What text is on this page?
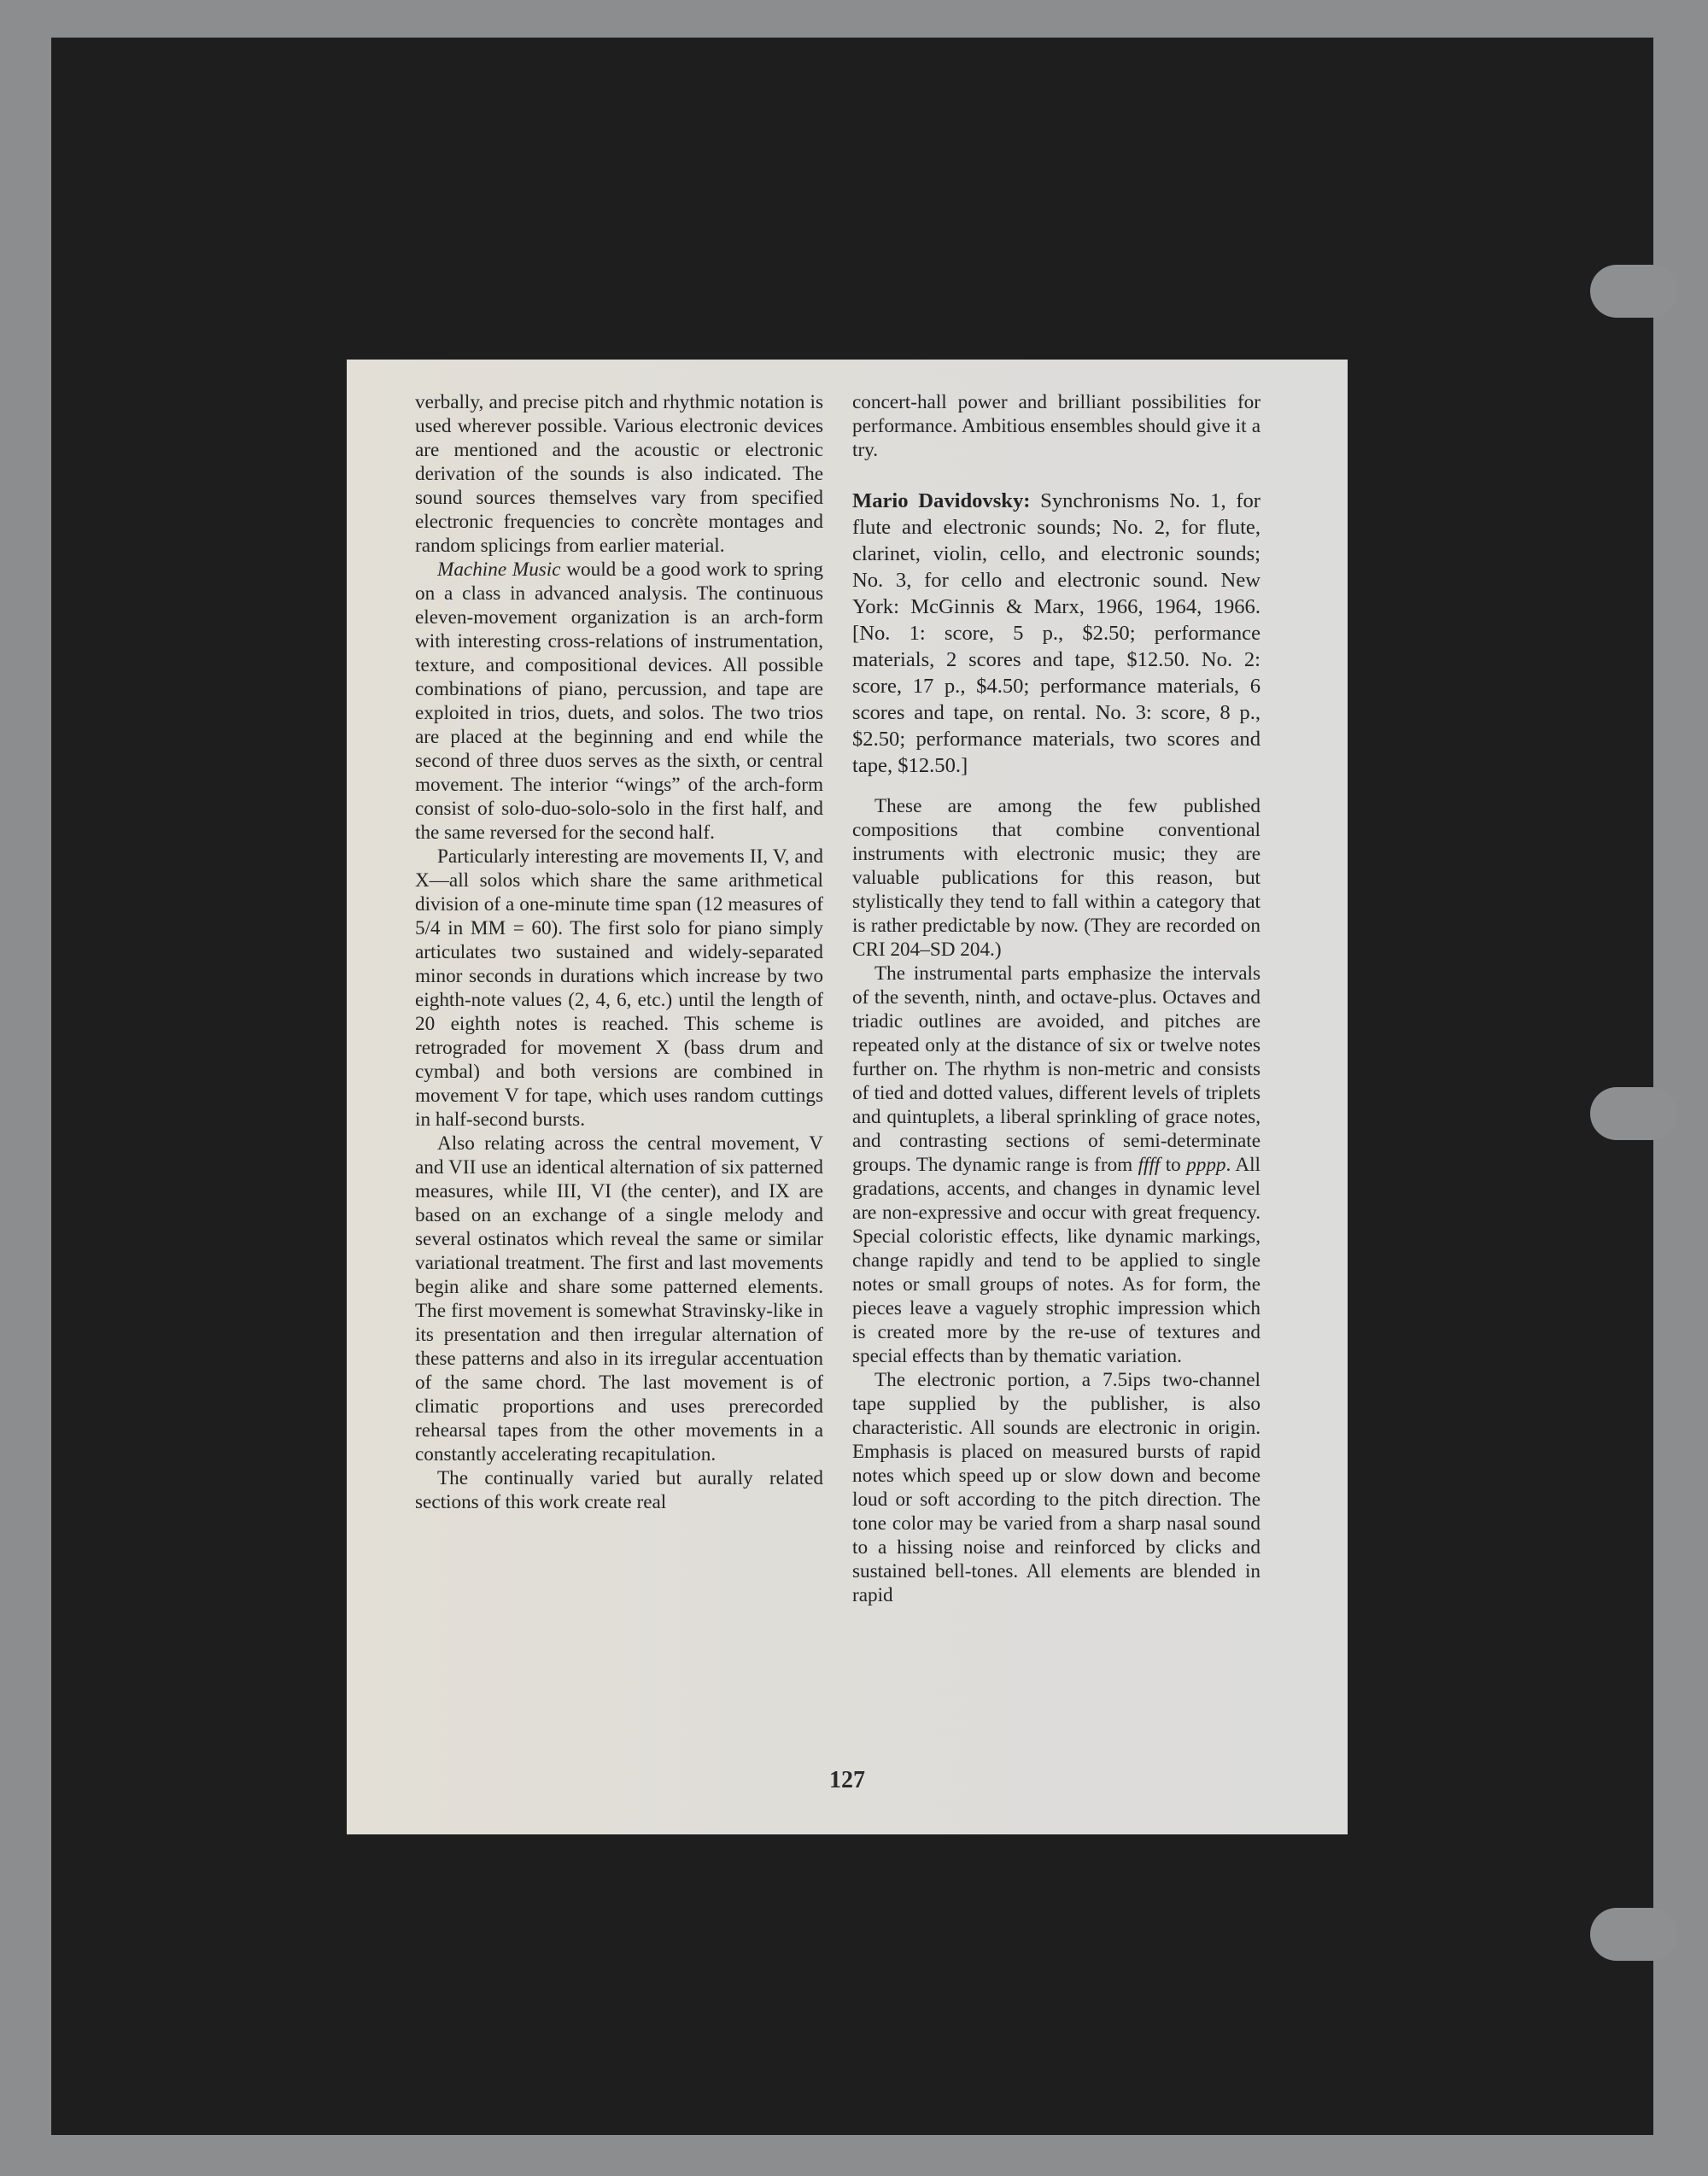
verbally, and precise pitch and rhythmic notation is used wherever possible. Various electronic devices are mentioned and the acoustic or electronic derivation of the sounds is also indicated. The sound sources themselves vary from specified electronic frequencies to concrète montages and random splicings from earlier material.

Machine Music would be a good work to spring on a class in advanced analysis. The continuous eleven-movement organization is an arch-form with interesting cross-relations of instrumentation, texture, and compositional devices. All possible combinations of piano, percussion, and tape are exploited in trios, duets, and solos. The two trios are placed at the beginning and end while the second of three duos serves as the sixth, or central movement. The interior “wings” of the arch-form consist of solo-duo-solo-solo in the first half, and the same reversed for the second half.

Particularly interesting are movements II, V, and X—all solos which share the same arithmetical division of a one-minute time span (12 measures of 5/4 in MM = 60). The first solo for piano simply articulates two sustained and widely-separated minor seconds in durations which increase by two eighth-note values (2, 4, 6, etc.) until the length of 20 eighth notes is reached. This scheme is retrograded for movement X (bass drum and cymbal) and both versions are combined in movement V for tape, which uses random cuttings in half-second bursts.

Also relating across the central movement, V and VII use an identical alternation of six patterned measures, while III, VI (the center), and IX are based on an exchange of a single melody and several ostinatos which reveal the same or similar variational treatment. The first and last movements begin alike and share some patterned elements. The first movement is somewhat Stravinsky-like in its presentation and then irregular alternation of these patterns and also in its irregular accentuation of the same chord. The last movement is of climatic proportions and uses prerecorded rehearsal tapes from the other movements in a constantly accelerating recapitulation.

The continually varied but aurally related sections of this work create real

concert-hall power and brilliant possibilities for performance. Ambitious ensembles should give it a try.

Mario Davidovsky: Synchronisms No. 1, for flute and electronic sounds; No. 2, for flute, clarinet, violin, cello, and electronic sounds; No. 3, for cello and electronic sound. New York: McGinnis & Marx, 1966, 1964, 1966. [No. 1: score, 5 p., $2.50; performance materials, 2 scores and tape, $12.50. No. 2: score, 17 p., $4.50; performance materials, 6 scores and tape, on rental. No. 3: score, 8 p., $2.50; performance materials, two scores and tape, $12.50.]

These are among the few published compositions that combine conventional instruments with electronic music; they are valuable publications for this reason, but stylistically they tend to fall within a category that is rather predictable by now. (They are recorded on CRI 204–SD 204.)

The instrumental parts emphasize the intervals of the seventh, ninth, and octave-plus. Octaves and triadic outlines are avoided, and pitches are repeated only at the distance of six or twelve notes further on. The rhythm is non-metric and consists of tied and dotted values, different levels of triplets and quintuplets, a liberal sprinkling of grace notes, and contrasting sections of semi-determinate groups. The dynamic range is from ffff to pppp. All gradations, accents, and changes in dynamic level are non-expressive and occur with great frequency. Special coloristic effects, like dynamic markings, change rapidly and tend to be applied to single notes or small groups of notes. As for form, the pieces leave a vaguely strophic impression which is created more by the re-use of textures and special effects than by thematic variation.

The electronic portion, a 7.5ips two-channel tape supplied by the publisher, is also characteristic. All sounds are electronic in origin. Emphasis is placed on measured bursts of rapid notes which speed up or slow down and become loud or soft according to the pitch direction. The tone color may be varied from a sharp nasal sound to a hissing noise and reinforced by clicks and sustained bell-tones. All elements are blended in rapid

127
